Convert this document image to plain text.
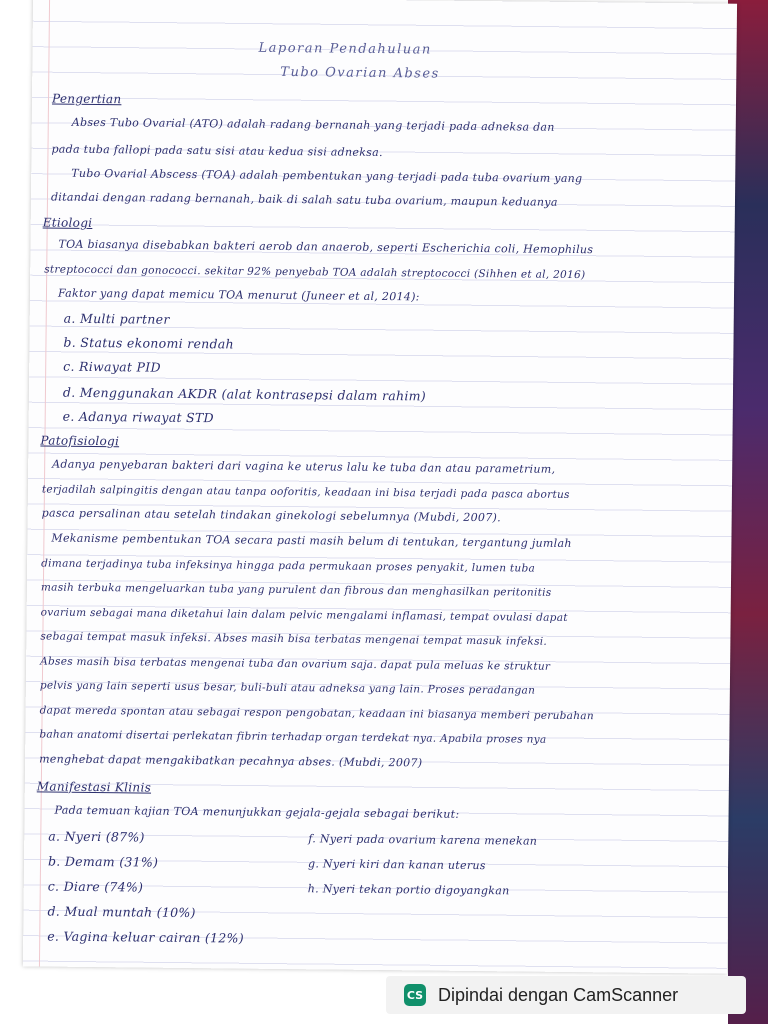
Laporan Pendahuluan
Tubo Ovarian Abses
Pengertian
Abses Tubo Ovarial (ATO) adalah radang bernanah yang terjadi pada adneksa dan
pada tuba fallopi pada satu sisi atau kedua sisi adneksa.
Tubo Ovarial Abscess (TOA) adalah pembentukan yang terjadi pada tuba ovarium yang
ditandai dengan radang bernanah, baik di salah satu tuba ovarium, maupun keduanya
Etiologi
TOA biasanya disebabkan bakteri aerob dan anaerob, seperti Escherichia coli, Hemophilus
streptococci dan gonococci. sekitar 92% penyebab TOA adalah streptococci (Sihhen et al, 2016)
Faktor yang dapat memicu TOA menurut (Juneer et al, 2014):
a. Multi partner
b. Status ekonomi rendah
c. Riwayat PID
d. Menggunakan AKDR (alat kontrasepsi dalam rahim)
e. Adanya riwayat STD
Patofisiologi
Adanya penyebaran bakteri dari vagina ke uterus lalu ke tuba dan atau parametrium,
terjadilah salpingitis dengan atau tanpa ooforitis, keadaan ini bisa terjadi pada pasca abortus
pasca persalinan atau setelah tindakan ginekologi sebelumnya (Mubdi, 2007).
Mekanisme pembentukan TOA secara pasti masih belum di tentukan, tergantung jumlah
dimana terjadinya tuba infeksinya hingga pada permukaan proses penyakit, lumen tuba
masih terbuka mengeluarkan tuba yang purulent dan fibrous dan menghasilkan peritonitis
ovarium sebagai mana diketahui lain dalam pelvic mengalami inflamasi, tempat ovulasi dapat
sebagai tempat masuk infeksi. Abses masih bisa terbatas mengenai tempat masuk infeksi.
Abses masih bisa terbatas mengenai tuba dan ovarium saja. dapat pula meluas ke struktur
pelvis yang lain seperti usus besar, buli-buli atau adneksa yang lain. Proses peradangan
dapat mereda spontan atau sebagai respon pengobatan, keadaan ini biasanya memberi perubahan
bahan anatomi disertai perlekatan fibrin terhadap organ terdekat nya. Apabila proses nya
menghebat dapat mengakibatkan pecahnya abses. (Mubdi, 2007)
Manifestasi Klinis
Pada temuan kajian TOA menunjukkan gejala-gejala sebagai berikut:
a. Nyeri (87%)
b. Demam (31%)
c. Diare (74%)
d. Mual muntah (10%)
e. Vagina keluar cairan (12%)
f. Nyeri pada ovarium karena menekan
g. Nyeri kiri dan kanan uterus
h. Nyeri tekan portio digoyangkan
CS Dipindai dengan CamScanner
